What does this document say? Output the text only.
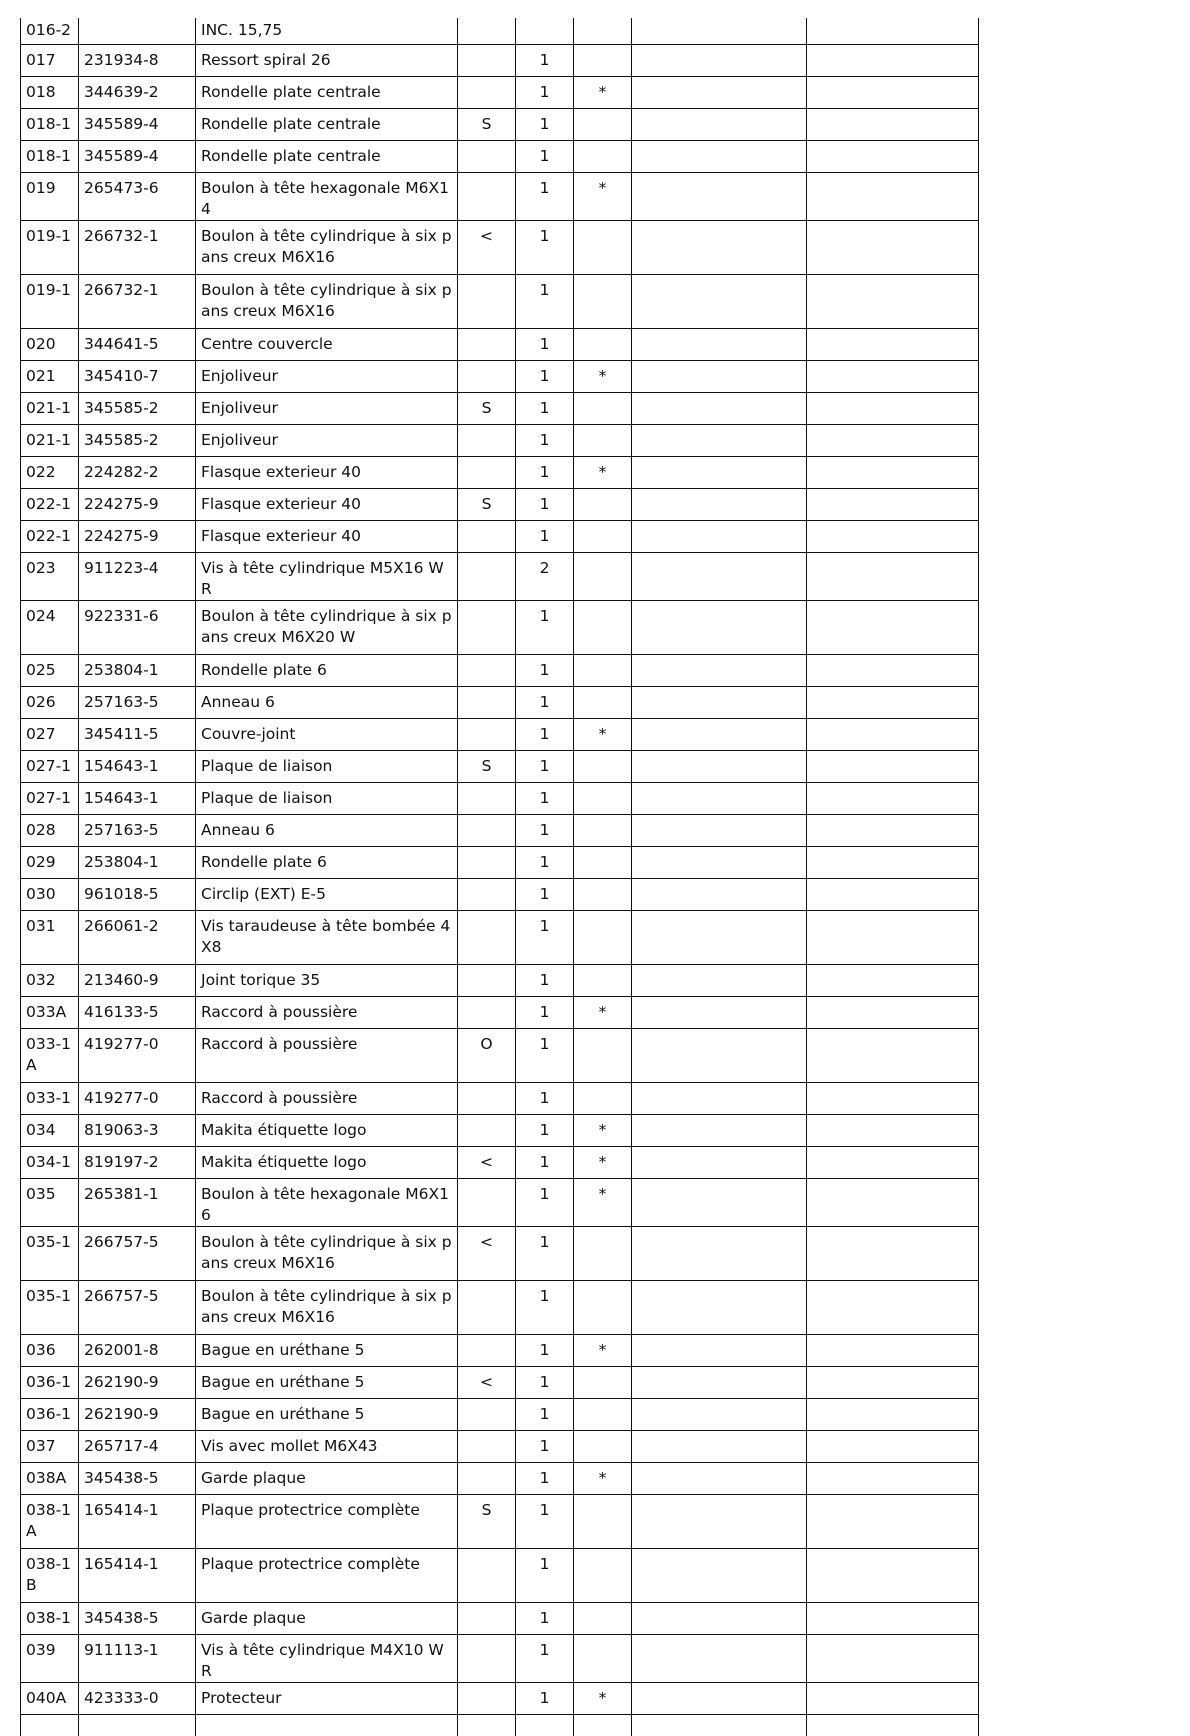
016-2		INC. 15,75					
017	231934-8	Ressort spiral 26		1			
018	344639-2	Rondelle plate centrale		1	*		
018-1	345589-4	Rondelle plate centrale	S	1			
018-1	345589-4	Rondelle plate centrale		1			
019	265473-6	Boulon à tête hexagonale M6X14		1	*		
019-1	266732-1	Boulon à tête cylindrique à six pans creux M6X16	<	1			
019-1	266732-1	Boulon à tête cylindrique à six pans creux M6X16		1			
020	344641-5	Centre couvercle		1			
021	345410-7	Enjoliveur		1	*		
021-1	345585-2	Enjoliveur	S	1			
021-1	345585-2	Enjoliveur		1			
022	224282-2	Flasque exterieur 40		1	*		
022-1	224275-9	Flasque exterieur 40	S	1			
022-1	224275-9	Flasque exterieur 40		1			
023	911223-4	Vis à tête cylindrique M5X16 WR		2			
024	922331-6	Boulon à tête cylindrique à six pans creux M6X20 W		1			
025	253804-1	Rondelle plate 6		1			
026	257163-5	Anneau 6		1			
027	345411-5	Couvre-joint		1	*		
027-1	154643-1	Plaque de liaison	S	1			
027-1	154643-1	Plaque de liaison		1			
028	257163-5	Anneau 6		1			
029	253804-1	Rondelle plate 6		1			
030	961018-5	Circlip (EXT) E-5		1			
031	266061-2	Vis taraudeuse à tête bombée 4X8		1			
032	213460-9	Joint torique 35		1			
033A	416133-5	Raccord à poussière		1	*		
033-1A	419277-0	Raccord à poussière	O	1			
033-1	419277-0	Raccord à poussière		1			
034	819063-3	Makita étiquette logo		1	*		
034-1	819197-2	Makita étiquette logo	<	1	*		
035	265381-1	Boulon à tête hexagonale M6X16		1	*		
035-1	266757-5	Boulon à tête cylindrique à six pans creux M6X16	<	1			
035-1	266757-5	Boulon à tête cylindrique à six pans creux M6X16		1			
036	262001-8	Bague en uréthane 5		1	*		
036-1	262190-9	Bague en uréthane 5	<	1			
036-1	262190-9	Bague en uréthane 5		1			
037	265717-4	Vis avec mollet M6X43		1			
038A	345438-5	Garde plaque		1	*		
038-1A	165414-1	Plaque protectrice complète	S	1			
038-1B	165414-1	Plaque protectrice complète		1			
038-1	345438-5	Garde plaque		1			
039	911113-1	Vis à tête cylindrique M4X10 WR		1			
040A	423333-0	Protecteur		1	*		
